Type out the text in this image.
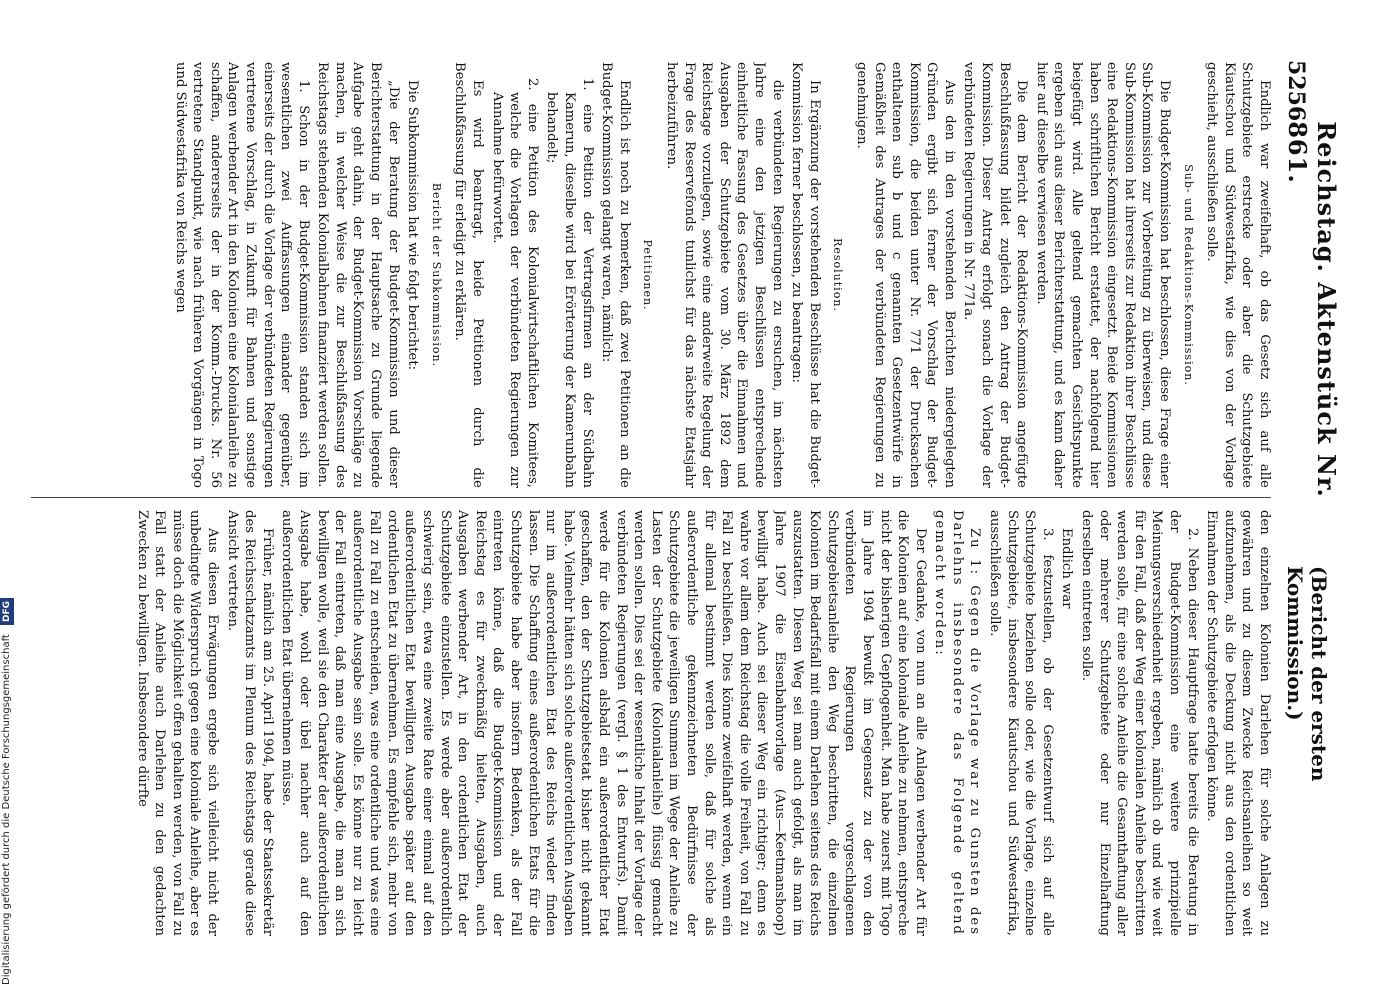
5256
Reichstag. Aktenstück Nr. 861.
(Bericht der ersten Kommission.)

Endlich war zweifelhaft, ob das Gesetz sich auf alle Schutzgebiete erstrecke oder aber die Schutzgebiete Kiautschou und Südwestafrika, wie dies von der Vorlage geschieht, ausschließen solle.

Sub- und Redaktions-Kommission.

Die Budget-Kommission hat beschlossen, diese Frage einer Sub-Kommission zur Vorbereitung zu überweisen, und diese Sub-Kommission hat ihrerseits zur Redaktion ihrer Beschlüsse eine Redaktions-Kommission eingesetzt. Beide Kommissionen haben schriftlichen Bericht erstattet, der nachfolgend hier beigefügt wird. Alle geltend gemachten Gesichtspunkte ergeben sich aus dieser Berichterstattung, und es kann daher hier auf dieselbe verwiesen werden.

Die dem Bericht der Redaktions-Kommission angefügte Beschlußfassung bildet zugleich den Antrag der Budget-Kommission. Dieser Antrag erfolgt sonach die Vorlage der verbündeten Regierungen in Nr. 771a.

Aus den in den vorstehenden Berichten niedergelegten Gründen ergibt sich ferner der Vorschlag der Budget-Kommission, die beiden unter Nr. 771 der Drucksachen enthaltenen sub b und c genannten Gesetzentwürfe in Gemäßheit des Antrages der verbündeten Regierungen zu genehmigen.

Resolution.

In Ergänzung der vorstehenden Beschlüsse hat die Budget-Kommission ferner beschlossen, zu beantragen:

die verbündeten Regierungen zu ersuchen, im nächsten Jahre eine den jetzigen Beschlüssen entsprechende einheitliche Fassung des Gesetzes über die Einnahmen und Ausgaben der Schutzgebiete vom 30. März 1892 dem Reichstage vorzulegen, sowie eine anderweite Regelung der Frage des Reservefonds tunlichst für das nächste Etatsjahr herbeizuführen.

Petitionen.

Endlich ist noch zu bemerken, daß zwei Petitionen an die Budget-Kommission gelangt waren, nämlich:

1. eine Petition der Vertragsfirmen an der Südbahn Kamerun, dieselbe wird bei Erörterung der Kamerunbahn behandelt;

2. eine Petition des Kolonialwirtschaftlichen Komitees, welche die Vorlagen der verbündeten Regierungen zur Annahme befürwortet.

Es wird beantragt, beide Petitionen durch die Beschlußfassung für erledigt zu erklären.

Bericht der Subkommission.

Die Subkommission hat wie folgt berichtet:

„Die der Beratung der Budget-Kommission und dieser Berichterstattung in der Hauptsache zu Grunde liegende Aufgabe geht dahin, der Budget-Kommission Vorschläge zu machen, in welcher Weise die zur Beschlußfassung des Reichstags stehenden Kolonialbahnen finanziert werden sollen.

1. Schon in der Budget-Kommission standen sich im wesentlichen zwei Auffassungen einander gegenüber, einerseits der durch die Vorlage der verbündeten Regierungen vertretene Vorschlag, in Zukunft für Bahnen und sonstige Anlagen werbender Art in den Kolonien eine Kolonialanleihe zu schaffen, andererseits der in der Komm.-Drucks. Nr. 56 vertretene Standpunkt, wie nach früheren Vorgängen in Togo und Südwestafrika von Reichs wegen

den einzelnen Kolonien Darlehen für solche Anlagen zu gewähren und zu diesem Zwecke Reichsanleihen so weit aufzunehmen, als die Deckung nicht aus den ordentlichen Einnahmen der Schutzgebiete erfolgen könne.

2. Neben dieser Hauptfrage hatte bereits die Beratung in der Budget-Kommission eine weitere prinzipielle Meinungsverschiedenheit ergeben, nämlich ob und wie weit für den Fall, daß der Weg einer kolonialen Anleihe beschritten werden solle, für eine solche Anleihe die Gesamthaftung aller oder mehrerer Schutzgebiete oder nur Einzelhaftung derselben eintreten solle.

Endlich war

3. festzustellen, ob der Gesetzentwurf sich auf alle Schutzgebiete beziehen solle oder, wie die Vorlage, einzelne Schutzgebiete, insbesondere Kiautschou und Südwestafrika, ausschließen solle.

Zu 1: Gegen die Vorlage war zu Gunsten des Darlehns insbesondere das Folgende geltend gemacht worden:

Der Gedanke, von nun an alle Anlagen werbender Art für die Kolonien auf eine koloniale Anleihe zu nehmen, entspreche nicht der bisherigen Gepflogenheit. Man habe zuerst mit Togo im Jahre 1904 bewußt im Gegensatz zu der von den verbündeten Regierungen vorgeschlagenen Schutzgebietsanleihe den Weg beschritten, die einzelnen Kolonien im Bedarfsfall mit einem Darlehen seitens des Reichs auszustatten. Diesen Weg sei man auch gefolgt, als man im Jahre 1907 die Eisenbahnvorlage (Aus—Keetmanshoop) bewilligt habe. Auch sei dieser Weg ein richtiger; denn es wahre vor allem dem Reichstag die volle Freiheit, von Fall zu Fall zu beschließen. Dies könne zweifelhaft werden, wenn ein für allemal bestimmt werden solle, daß für solche als außerordentliche gekennzeichneten Bedürfnisse der Schutzgebiete die jeweiligen Summen im Wege der Anleihe zu Lasten der Schutzgebiete (Kolonialanleihe) flüssig gemacht werden sollen. Dies sei der wesentliche Inhalt der Vorlage der verbündeten Regierungen (vergl. § 1 des Entwurfs). Damit werde für die Kolonien alsbald ein außerordentlicher Etat geschaffen, den der Schutzgebietsetat bisher nicht gekannt habe. Vielmehr hätten sich solche außerordentlichen Ausgaben nur im außerordentlichen Etat des Reichs wieder finden lassen. Die Schaffung eines außerordentlichen Etats für die Schutzgebiete habe aber insofern Bedenken, als der Fall eintreten könne, daß die Budget-Kommission und der Reichstag es für zweckmäßig hielten, Ausgaben, auch Ausgaben werbender Art, in den ordentlichen Etat der Schutzgebiete einzustellen. Es werde aber außerordentlich schwierig sein, etwa eine zweite Rate einer einmal auf den außerordentlichen Etat bewilligten Ausgabe später auf den ordentlichen Etat zu übernehmen. Es empfehle sich, mehr von Fall zu Fall zu entscheiden, was eine ordentliche und was eine außerordentliche Ausgabe sein solle. Es könne nur zu leicht der Fall eintreten, daß man eine Ausgabe, die man an sich bewilligen wolle, weil sie den Charakter der außerordentlichen Ausgabe habe, wohl oder übel nachher auch auf den außerordentlichen Etat übernehmen müsse.

Früher, nämlich am 25. April 1904, habe der Staatssekretär des Reichsschatzamts im Plenum des Reichstags gerade diese Ansicht vertreten.

Aus diesen Erwägungen ergebe sich vielleicht nicht der unbedingte Widerspruch gegen eine koloniale Anleihe, aber es müsse doch die Möglichkeit offen gehalten werden, von Fall zu Fall statt der Anleihe auch Darlehen zu den gedachten Zwecken zu bewilligen. Insbesondere dürfte

Digitalisierung gefördert durch die Deutsche Forschungsgemeinschaft DFG
